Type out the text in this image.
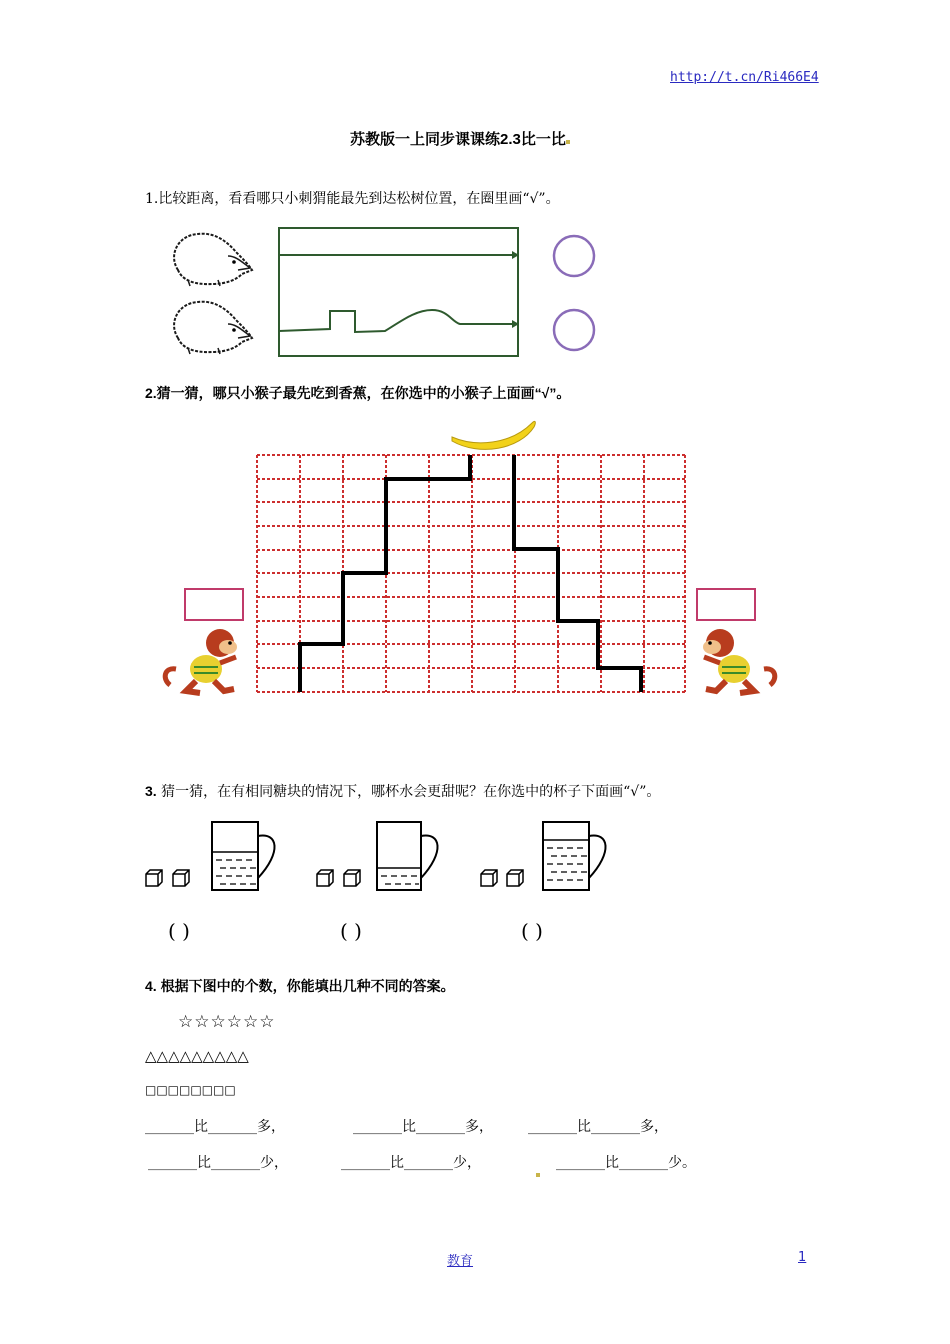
http://t.cn/Ri466E4
苏教版一上同步课课练2.3比一比
1.比较距离，看看哪只小刺猬能最先到达松树位置，在圈里画“√”。
2.猜一猜，哪只小猴子最先吃到香蕉，在你选中的小猴子上面画“√”。
3. 猜一猜，在有相同糖块的情况下，哪杯水会更甜呢？在你选中的杯子下面画“√”。
( )	( )	( )
4. 根据下图中的个数，你能填出几种不同的答案。
☆☆☆☆☆☆
△△△△△△△△△
□□□□□□□□
_______比_______多，	_______比_______多，	_______比_______多，
_______比_______少，	_______比_______少，	_______比_______少。
教育	1
